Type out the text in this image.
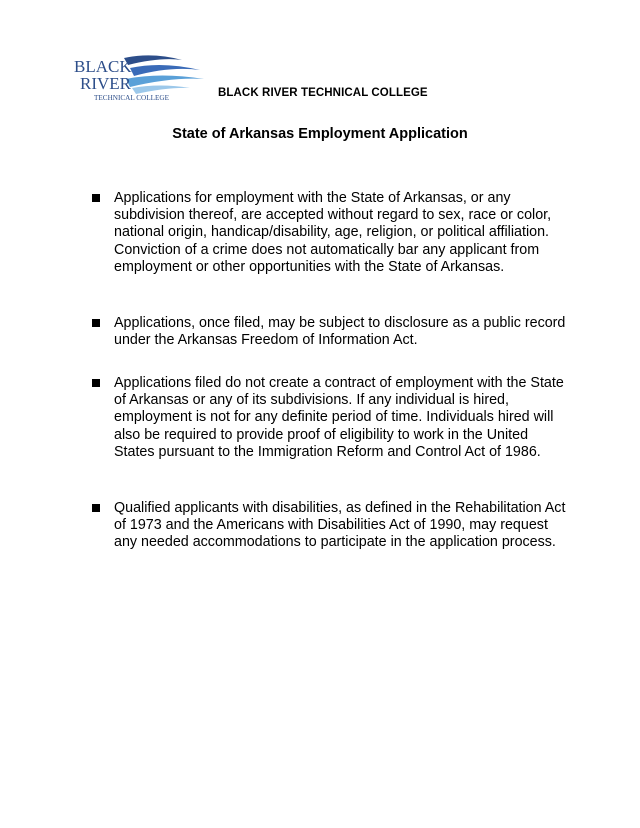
BLACK
RIVER
TECHNICAL COLLEGE	BLACK RIVER TECHNICAL COLLEGE
State of Arkansas Employment Application
Applications for employment with the State of Arkansas, or any subdivision thereof, are accepted without regard to sex, race or color, national origin, handicap/disability, age, religion, or political affiliation. Conviction of a crime does not automatically bar any applicant from employment or other opportunities with the State of Arkansas.
Applications, once filed, may be subject to disclosure as a public record under the Arkansas Freedom of Information Act.
Applications filed do not create a contract of employment with the State of Arkansas or any of its subdivisions. If any individual is hired, employment is not for any definite period of time. Individuals hired will also be required to provide proof of eligibility to work in the United States pursuant to the Immigration Reform and Control Act of 1986.
Qualified applicants with disabilities, as defined in the Rehabilitation Act of 1973 and the Americans with Disabilities Act of 1990, may request any needed accommodations to participate in the application process.
